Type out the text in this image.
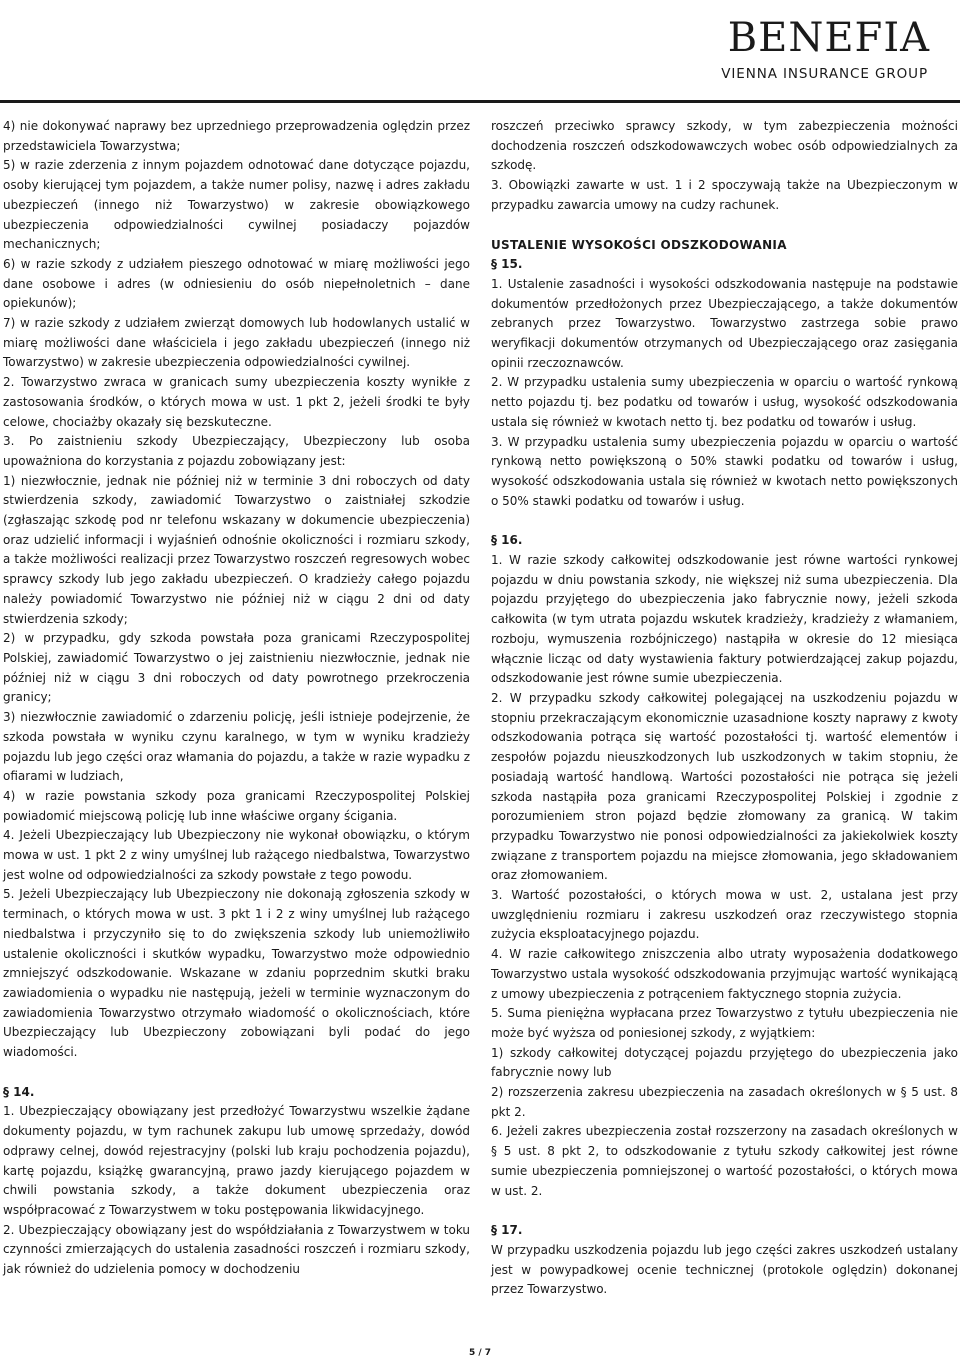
BENEFIA
VIENNA INSURANCE GROUP

4) nie dokonywać naprawy bez uprzedniego przeprowadzenia oględzin przez przedstawiciela Towarzystwa;

5) w razie zderzenia z innym pojazdem odnotować dane dotyczące pojazdu, osoby kierującej tym pojazdem, a także numer polisy, nazwę i adres zakładu ubezpieczeń (innego niż Towarzystwo) w zakresie obowiązkowego ubezpieczenia odpowiedzialności cywilnej posiadaczy pojazdów mechanicznych;

6) w razie szkody z udziałem pieszego odnotować w miarę możliwości jego dane osobowe i adres (w odniesieniu do osób niepełnoletnich – dane opiekunów);

7) w razie szkody z udziałem zwierząt domowych lub hodowlanych ustalić w miarę możliwości dane właściciela i jego zakładu ubezpieczeń (innego niż Towarzystwo) w zakresie ubezpieczenia odpowiedzialności cywilnej.

2. Towarzystwo zwraca w granicach sumy ubezpieczenia koszty wynikłe z zastosowania środków, o których mowa w ust. 1 pkt 2, jeżeli środki te były celowe, chociażby okazały się bezskuteczne.

3. Po zaistnieniu szkody Ubezpieczający, Ubezpieczony lub osoba upoważniona do korzystania z pojazdu zobowiązany jest:

1) niezwłocznie, jednak nie później niż w terminie 3 dni roboczych od daty stwierdzenia szkody, zawiadomić Towarzystwo o zaistniałej szkodzie (zgłaszając szkodę pod nr telefonu wskazany w dokumencie ubezpieczenia) oraz udzielić informacji i wyjaśnień odnośnie okoliczności i rozmiaru szkody, a także możliwości realizacji przez Towarzystwo roszczeń regresowych wobec sprawcy szkody lub jego zakładu ubezpieczeń. O kradzieży całego pojazdu należy powiadomić Towarzystwo nie później niż w ciągu 2 dni od daty stwierdzenia szkody;

2) w przypadku, gdy szkoda powstała poza granicami Rzeczypospolitej Polskiej, zawiadomić Towarzystwo o jej zaistnieniu niezwłocznie, jednak nie później niż w ciągu 3 dni roboczych od daty powrotnego przekroczenia granicy;

3) niezwłocznie zawiadomić o zdarzeniu policję, jeśli istnieje podejrzenie, że szkoda powstała w wyniku czynu karalnego, w tym w wyniku kradzieży pojazdu lub jego części oraz włamania do pojazdu, a także w razie wypadku z ofiarami w ludziach,

4) w razie powstania szkody poza granicami Rzeczypospolitej Polskiej powiadomić miejscową policję lub inne właściwe organy ścigania.

4. Jeżeli Ubezpieczający lub Ubezpieczony nie wykonał obowiązku, o którym mowa w ust. 1 pkt 2 z winy umyślnej lub rażącego niedbalstwa, Towarzystwo jest wolne od odpowiedzialności za szkody powstałe z tego powodu.

5. Jeżeli Ubezpieczający lub Ubezpieczony nie dokonają zgłoszenia szkody w terminach, o których mowa w ust. 3 pkt 1 i 2 z winy umyślnej lub rażącego niedbalstwa i przyczyniło się to do zwiększenia szkody lub uniemożliwiło ustalenie okoliczności i skutków wypadku, Towarzystwo może odpowiednio zmniejszyć odszkodowanie. Wskazane w zdaniu poprzednim skutki braku zawiadomienia o wypadku nie następują, jeżeli w terminie wyznaczonym do zawiadomienia Towarzystwo otrzymało wiadomość o okolicznościach, które Ubezpieczający lub Ubezpieczony zobowiązani byli podać do jego wiadomości.

§ 14.

1. Ubezpieczający obowiązany jest przedłożyć Towarzystwu wszelkie żądane dokumenty pojazdu, w tym rachunek zakupu lub umowę sprzedaży, dowód odprawy celnej, dowód rejestracyjny (polski lub kraju pochodzenia pojazdu), kartę pojazdu, książkę gwarancyjną, prawo jazdy kierującego pojazdem w chwili powstania szkody, a także dokument ubezpieczenia oraz współpracować z Towarzystwem w toku postępowania likwidacyjnego.

2. Ubezpieczający obowiązany jest do współdziałania z Towarzystwem w toku czynności zmierzających do ustalenia zasadności roszczeń i rozmiaru szkody, jak również do udzielenia pomocy w dochodzeniu

roszczeń przeciwko sprawcy szkody, w tym zabezpieczenia możności dochodzenia roszczeń odszkodowawczych wobec osób odpowiedzialnych za szkodę.

3. Obowiązki zawarte w ust. 1 i 2 spoczywają także na Ubezpieczonym w przypadku zawarcia umowy na cudzy rachunek.

USTALENIE WYSOKOŚCI ODSZKODOWANIA

§ 15.

1. Ustalenie zasadności i wysokości odszkodowania następuje na podstawie dokumentów przedłożonych przez Ubezpieczającego, a także dokumentów zebranych przez Towarzystwo. Towarzystwo zastrzega sobie prawo weryfikacji dokumentów otrzymanych od Ubezpieczającego oraz zasięgania opinii rzeczoznawców.

2. W przypadku ustalenia sumy ubezpieczenia w oparciu o wartość rynkową netto pojazdu tj. bez podatku od towarów i usług, wysokość odszkodowania ustala się również w kwotach netto tj. bez podatku od towarów i usług.

3. W przypadku ustalenia sumy ubezpieczenia pojazdu w oparciu o wartość rynkową netto powiększoną o 50% stawki podatku od towarów i usług, wysokość odszkodowania ustala się również w kwotach netto powiększonych o 50% stawki podatku od towarów i usług.

§ 16.

1. W razie szkody całkowitej odszkodowanie jest równe wartości rynkowej pojazdu w dniu powstania szkody, nie większej niż suma ubezpieczenia. Dla pojazdu przyjętego do ubezpieczenia jako fabrycznie nowy, jeżeli szkoda całkowita (w tym utrata pojazdu wskutek kradzieży, kradzieży z włamaniem, rozboju, wymuszenia rozbójniczego) nastąpiła w okresie do 12 miesiąca włącznie licząc od daty wystawienia faktury potwierdzającej zakup pojazdu, odszkodowanie jest równe sumie ubezpieczenia.

2. W przypadku szkody całkowitej polegającej na uszkodzeniu pojazdu w stopniu przekraczającym ekonomicznie uzasadnione koszty naprawy z kwoty odszkodowania potrąca się wartość pozostałości tj. wartość elementów i zespołów pojazdu nieuszkodzonych lub uszkodzonych w takim stopniu, że posiadają wartość handlową. Wartości pozostałości nie potrąca się jeżeli szkoda nastąpiła poza granicami Rzeczypospolitej Polskiej i zgodnie z porozumieniem stron pojazd będzie złomowany za granicą. W takim przypadku Towarzystwo nie ponosi odpowiedzialności za jakiekolwiek koszty związane z transportem pojazdu na miejsce złomowania, jego składowaniem oraz złomowaniem.

3. Wartość pozostałości, o których mowa w ust. 2, ustalana jest przy uwzględnieniu rozmiaru i zakresu uszkodzeń oraz rzeczywistego stopnia zużycia eksploatacyjnego pojazdu.

4. W razie całkowitego zniszczenia albo utraty wyposażenia dodatkowego Towarzystwo ustala wysokość odszkodowania przyjmując wartość wynikającą z umowy ubezpieczenia z potrąceniem faktycznego stopnia zużycia.

5. Suma pieniężna wypłacana przez Towarzystwo z tytułu ubezpieczenia nie może być wyższa od poniesionej szkody, z wyjątkiem:

1) szkody całkowitej dotyczącej pojazdu przyjętego do ubezpieczenia jako fabrycznie nowy lub

2) rozszerzenia zakresu ubezpieczenia na zasadach określonych w § 5 ust. 8 pkt 2.

6. Jeżeli zakres ubezpieczenia został rozszerzony na zasadach określonych w § 5 ust. 8 pkt 2, to odszkodowanie z tytułu szkody całkowitej jest równe sumie ubezpieczenia pomniejszonej o wartość pozostałości, o których mowa w ust. 2.

§ 17.

W przypadku uszkodzenia pojazdu lub jego części zakres uszkodzeń ustalany jest w powypadkowej ocenie technicznej (protokole oględzin) dokonanej przez Towarzystwo.

5 / 7
